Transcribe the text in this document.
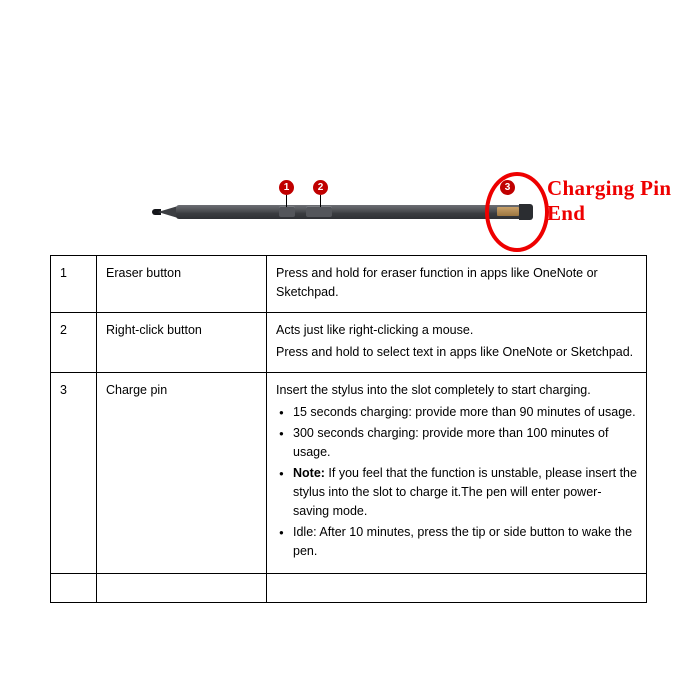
1	2	3 Charging Pin End
1	Eraser button	Press and hold for eraser function in apps like OneNote or Sketchpad.

2	Right-click button	Acts just like right-clicking a mouse.
Press and hold to select text in apps like OneNote or Sketchpad.

3	Charge pin	Insert the stylus into the slot completely to start charging.
● 15 seconds charging: provide more than 90 minutes of usage.
● 300 seconds charging: provide more than 100 minutes of usage.
● Note: If you feel that the function is unstable, please insert the stylus into the slot to charge it.The pen will enter power-saving mode.
● Idle: After 10 minutes, press the tip or side button to wake the pen.
